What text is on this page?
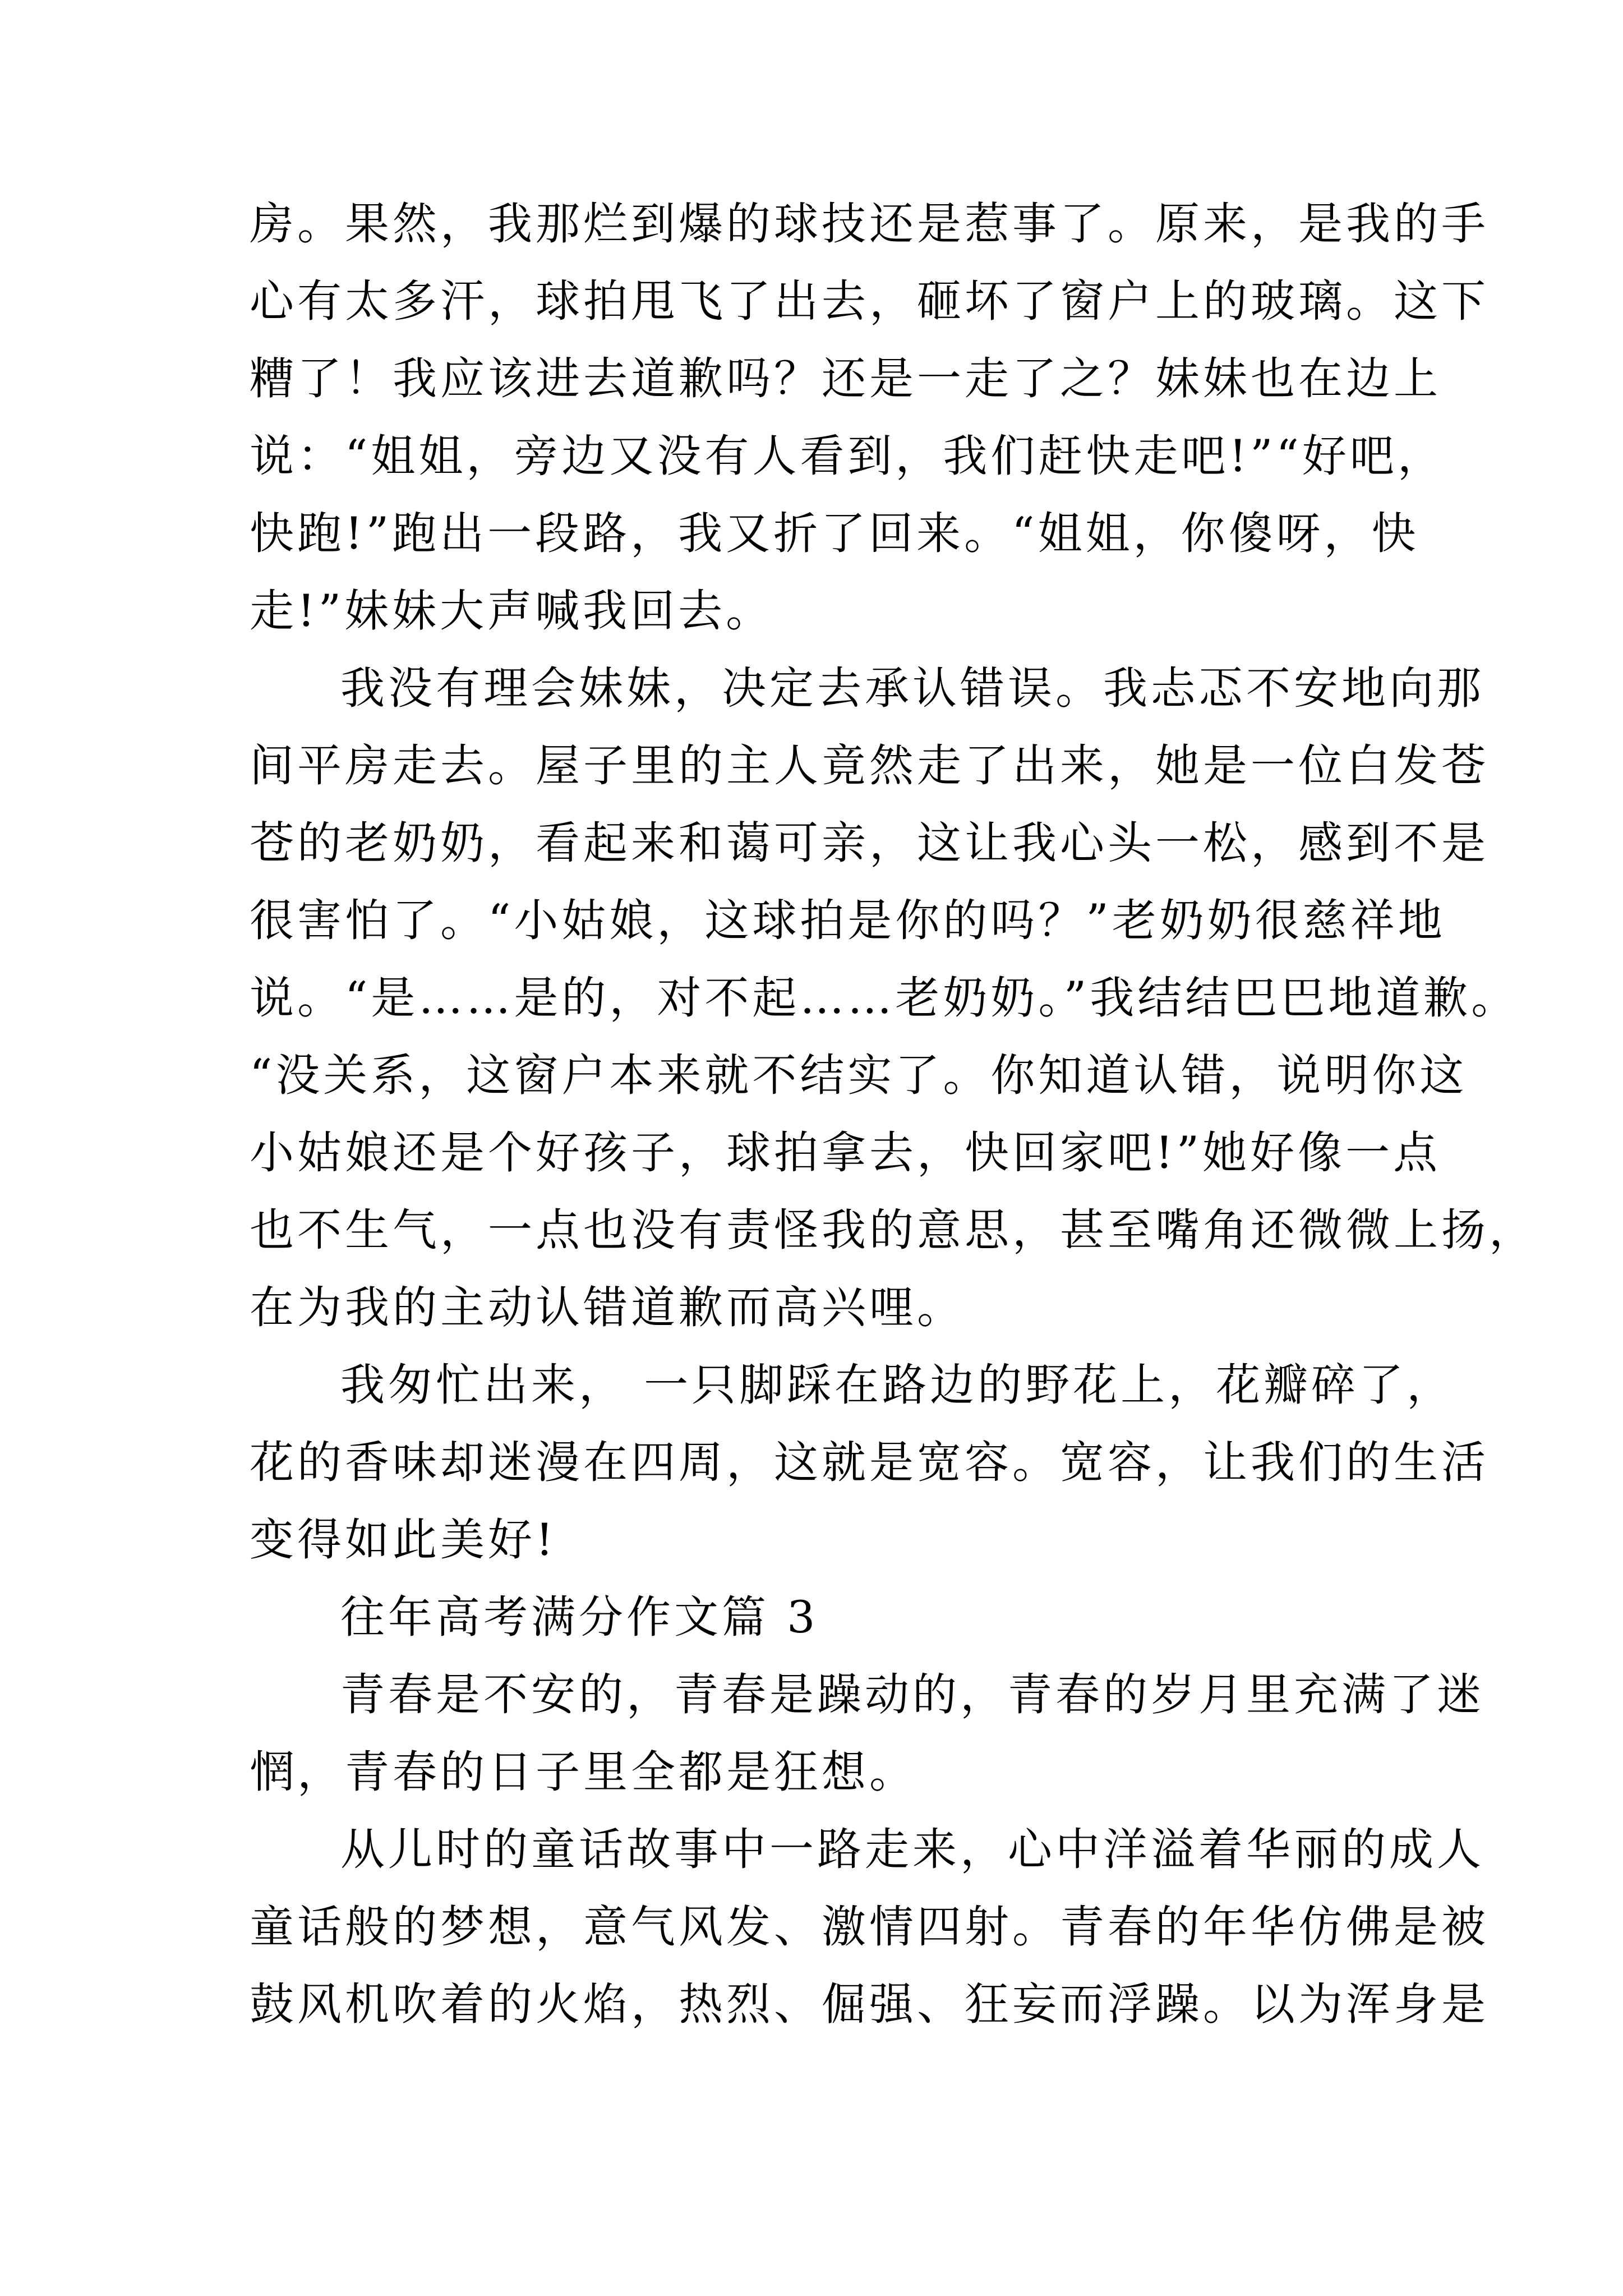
房。果然，我那烂到爆的球技还是惹事了。原来，是我的手
心有太多汗，球拍甩飞了出去，砸坏了窗户上的玻璃。这下
糟了！我应该进去道歉吗？还是一走了之？妹妹也在边上
说：“姐姐，旁边又没有人看到，我们赶快走吧!”“好吧，
快跑!”跑出一段路，我又折了回来。“姐姐，你傻呀，快
走!”妹妹大声喊我回去。
我没有理会妹妹，决定去承认错误。我忐忑不安地向那
间平房走去。屋子里的主人竟然走了出来，她是一位白发苍
苍的老奶奶，看起来和蔼可亲，这让我心头一松，感到不是
很害怕了。“小姑娘，这球拍是你的吗？”老奶奶很慈祥地
说。“是……是的，对不起……老奶奶。”我结结巴巴地道歉。
“没关系，这窗户本来就不结实了。你知道认错，说明你这
小姑娘还是个好孩子，球拍拿去，快回家吧!”她好像一点
也不生气，一点也没有责怪我的意思，甚至嘴角还微微上扬，
在为我的主动认错道歉而高兴哩。
我匆忙出来， 一只脚踩在路边的野花上，花瓣碎了，
花的香味却迷漫在四周，这就是宽容。宽容，让我们的生活
变得如此美好!
往年高考满分作文篇 3
青春是不安的，青春是躁动的，青春的岁月里充满了迷
惘，青春的日子里全都是狂想。
从儿时的童话故事中一路走来，心中洋溢着华丽的成人
童话般的梦想，意气风发、激情四射。青春的年华仿佛是被
鼓风机吹着的火焰，热烈、倔强、狂妄而浮躁。以为浑身是
